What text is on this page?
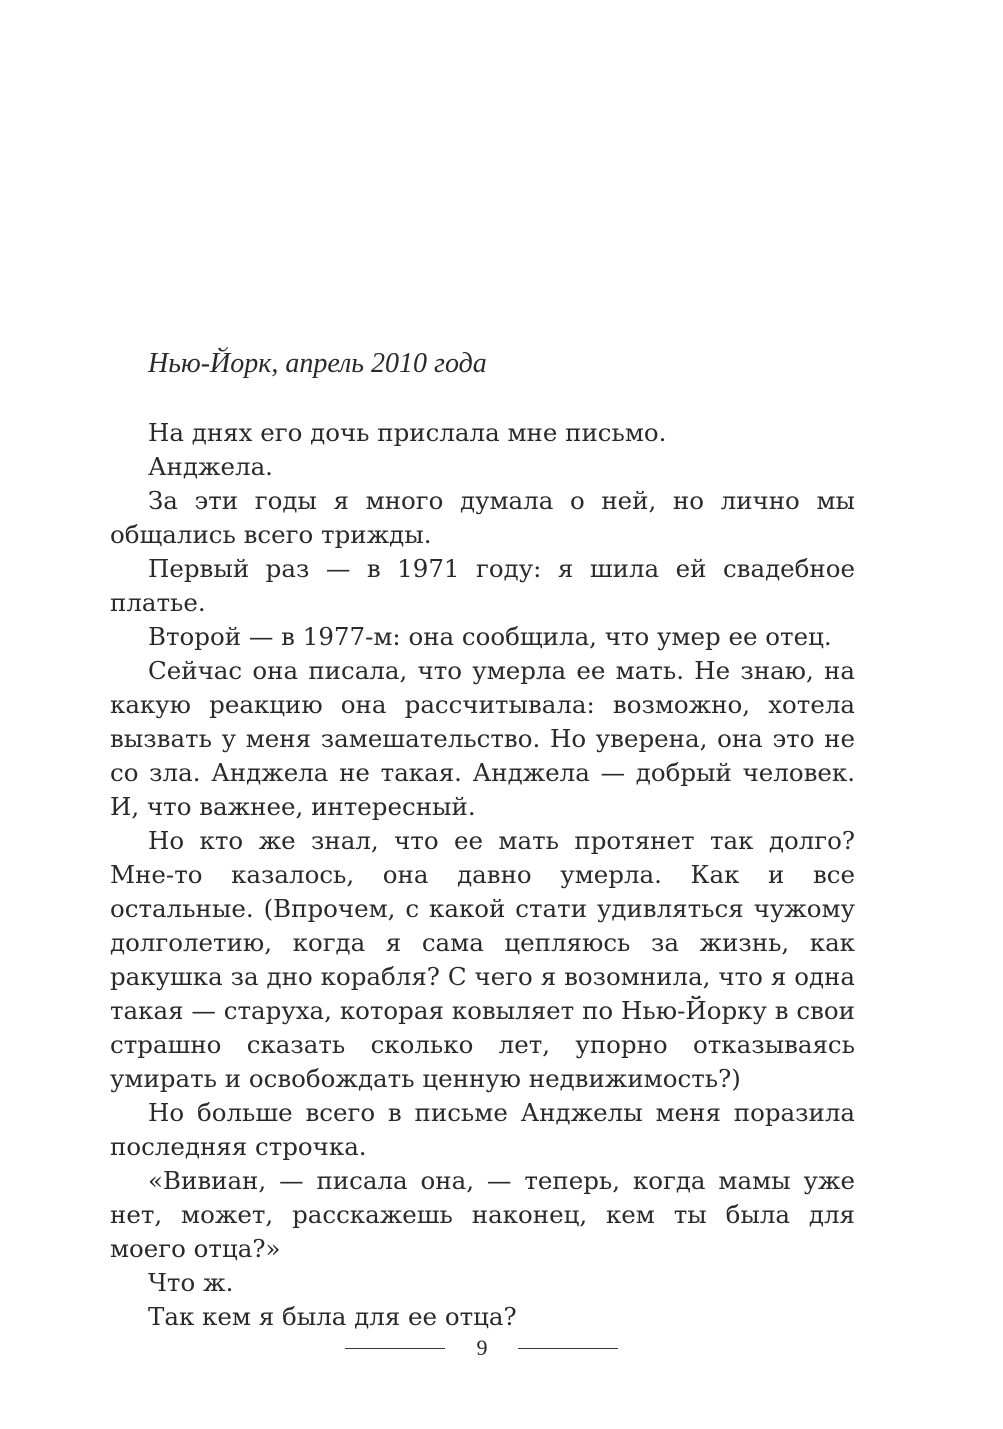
Нью-Йорк, апрель 2010 года

На днях его дочь прислала мне письмо.

Анджела.

За эти годы я много думала о ней, но лично мы общались всего трижды.

Первый раз — в 1971 году: я шила ей свадебное платье.

Второй — в 1977-м: она сообщила, что умер ее отец.

Сейчас она писала, что умерла ее мать. Не знаю, на какую реакцию она рассчитывала: возможно, хотела вызвать у меня замешательство. Но уверена, она это не со зла. Анджела не такая. Анджела — добрый человек. И, что важнее, интересный.

Но кто же знал, что ее мать протянет так долго? Мне-то казалось, она давно умерла. Как и все остальные. (Впрочем, с какой стати удивляться чужому долголетию, когда я сама цепляюсь за жизнь, как ракушка за дно корабля? С чего я возомнила, что я одна такая — старуха, которая ковыляет по Нью-Йорку в свои страшно сказать сколько лет, упорно отказываясь умирать и освобождать ценную недвижимость?)

Но больше всего в письме Анджелы меня поразила последняя строчка.

«Вивиан, — писала она, — теперь, когда мамы уже нет, может, расскажешь наконец, кем ты была для моего отца?»

Что ж.

Так кем я была для ее отца?

9
